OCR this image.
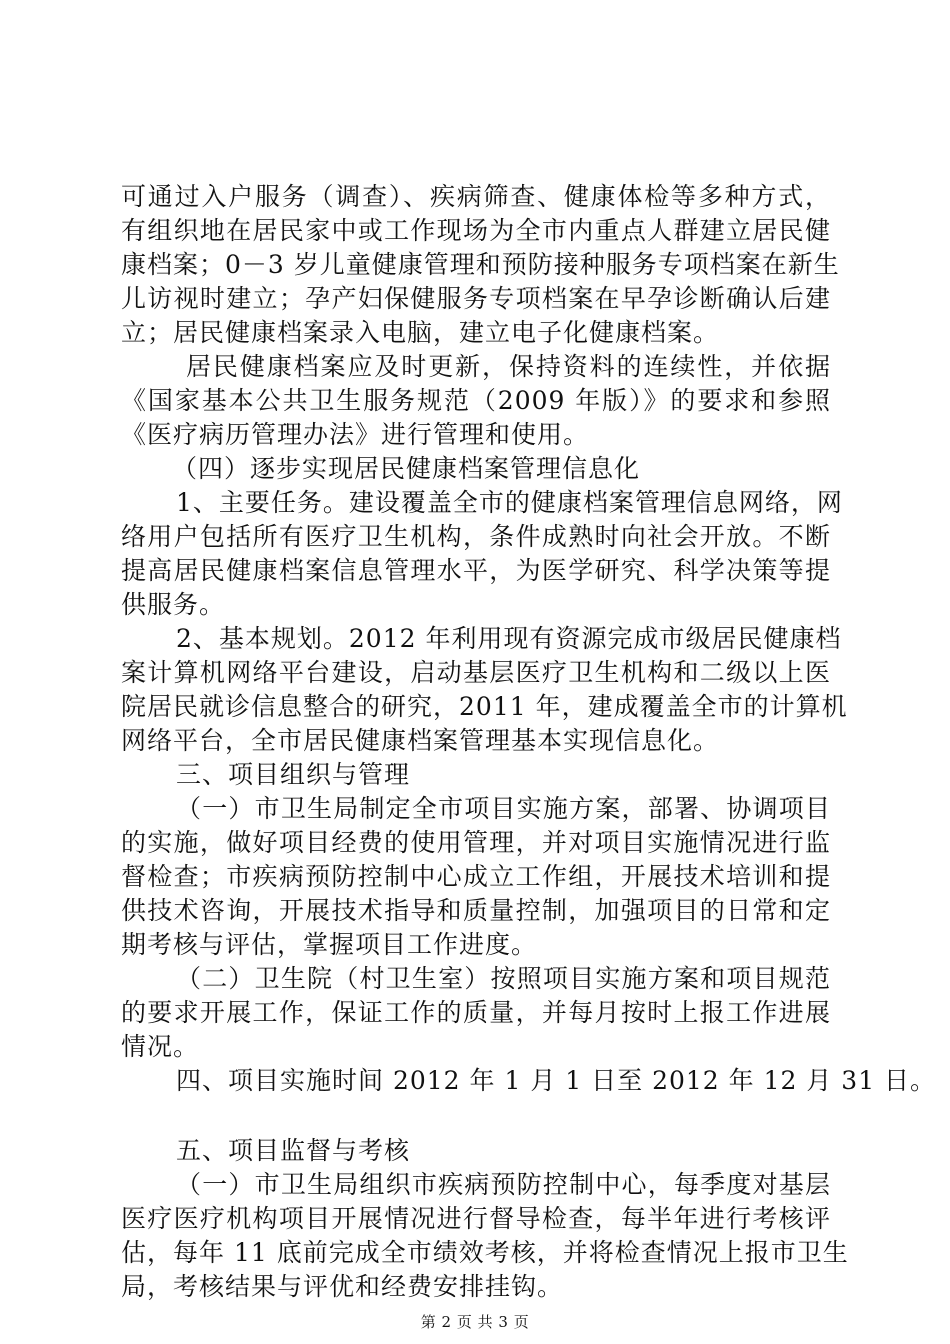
可通过入户服务（调查）、疾病筛查、健康体检等多种方式，
有组织地在居民家中或工作现场为全市内重点人群建立居民健
康档案；0－3 岁儿童健康管理和预防接种服务专项档案在新生
儿访视时建立；孕产妇保健服务专项档案在早孕诊断确认后建
立；居民健康档案录入电脑，建立电子化健康档案。
居民健康档案应及时更新，保持资料的连续性，并依据
《国家基本公共卫生服务规范（2009 年版）》的要求和参照
《医疗病历管理办法》进行管理和使用。
（四）逐步实现居民健康档案管理信息化
1、主要任务。建设覆盖全市的健康档案管理信息网络，网
络用户包括所有医疗卫生机构，条件成熟时向社会开放。不断
提高居民健康档案信息管理水平，为医学研究、科学决策等提
供服务。
2、基本规划。2012 年利用现有资源完成市级居民健康档
案计算机网络平台建设，启动基层医疗卫生机构和二级以上医
院居民就诊信息整合的研究，2011 年，建成覆盖全市的计算机
网络平台，全市居民健康档案管理基本实现信息化。
三、项目组织与管理
（一）市卫生局制定全市项目实施方案，部署、协调项目
的实施，做好项目经费的使用管理，并对项目实施情况进行监
督检查；市疾病预防控制中心成立工作组，开展技术培训和提
供技术咨询，开展技术指导和质量控制，加强项目的日常和定
期考核与评估，掌握项目工作进度。
（二）卫生院（村卫生室）按照项目实施方案和项目规范
的要求开展工作，保证工作的质量，并每月按时上报工作进展
情况。
四、项目实施时间 2012 年 1 月 1 日至 2012 年 12 月 31 日。
五、项目监督与考核
（一）市卫生局组织市疾病预防控制中心，每季度对基层
医疗医疗机构项目开展情况进行督导检查，每半年进行考核评
估，每年 11 底前完成全市绩效考核，并将检查情况上报市卫生
局，考核结果与评优和经费安排挂钩。
第 2 页 共 3 页
